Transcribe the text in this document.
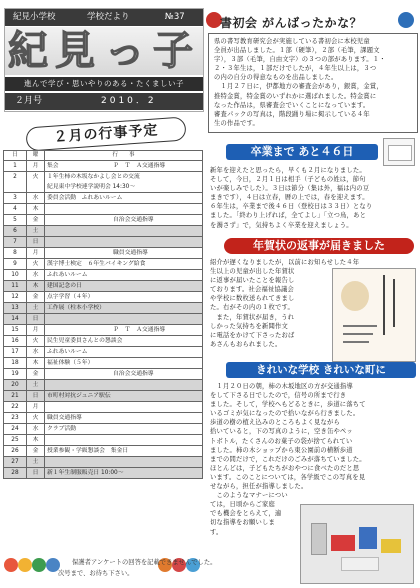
紀見小学校	学校だより	№37
紀 見 っ 子
進んで学び・思いやりのある・たくましい子
２月号	2010．2
２月の行事予定
日	曜	行　　事
1	月	集会 Ｐ　Ｔ　Ａ交通指導

2	火	１年生柿の木坂なかよし会との交流
紀見東中学校連学説明会 14:30～

3	水	委員会活動　ふれあいルーム
4	木	
5	金	自治会交通指導

6	土	
7	日	
8	月	職員交通指導

9	火	漢字博士検定　６年生バイキング給食
10	水	ふれあいルーム
11	木	建国記念の日
12	金	点字学習（４年）
13	土	工作展（柱本小学校）
14	日	
15	月	Ｐ　Ｔ　Ａ交通指導

16	火	民生児童委員さんとの懇談会
17	水	ふれあいルーム
18	木	福祉体験（５年）
19	金	自治会交通指導

20	土	
21	日	市町村対抗ジュニア駅伝
22	月	
23	火	職員交通指導
24	水	クラブ活動
25	木	
26	金	授業参観・学級懇談会　集金日
27	土	
28	日	新１年生制服販売日 10:00～
保護者アンケートの回答を記載できませんでした。
次号まで、お待ち下さい。
書初会 がんばったかな？

県の書写教育研究会が実施している書初会に本校児童
全員が出品しました。１部（硬筆），２部（毛筆，課題文
字），３部（毛筆，自由文字）の３つの部があります。１・
２・３年生は，１部だけでしたが，４年生以上は，３つ
の内の自分の得意なものを出品しました。
　１月２７日に，伊都地方の審査会があり，銀賞，金賞，
推特金賞，特金賞のいずれかに選ばれました。特金賞に
なった作品は，県審査会でいくことになっています。
審査パックの写真は，階段踊り場に掲示している４年
生の作品です。

卒業まで あと４６日

新年を迎えたと思ったら，早くも２月になりました。
そして，今日，２月１日は相手（子どもの姓は，節句
いが楽しみでした）。３日は節分（集は外，福は内の豆
まきです），４日は立春，暦の上では，春を迎えます。
６年生は，卒業まで後４６日（登校日は３３日）となり
ました。「終わり上げれば，全てよし」「立つ鳥，あと
を濁さず」で，気持ちよく卒業を迎えましょう。

年賀状の返事が届きました

紹介が遅くなりましたが，以前にお知らせした４年
生以上の児童が出した年賀状
に返事が届いたことを報告し
ております。社会福祉協議会
や学校に数枚送られてきまし
た。右がその内の１枚です。
　また，年賀状が届き，うれ
しかった気持ちを新聞作文
に電話をかけて下さったおば
あさんもおられました。

きれいな学校 きれいな町に

　１月２０日の朝，柿の木坂地区の方が交通指導
をして下さる日でしたので，信号の所まで行き
ました。そして，学校へもどるときに，歩道に落ちて
いるゴミが気になったので拾いながら行きました。
歩道の樹の植え込みのところもよく見ながら
拾いていると，下の写真のように，空き缶やペッ
トボトル，たくさんのお菓子の袋が捨てられてい
ました。柿の木ショップから東公園前の横断歩道
までの間だけで，これだけのごみが落ちていました。
ほとんどは，子どもたちがおやつに食べたのだと思
います。このことについては，各学級でこの写真を見
せながら，担任が指導しました。
　このようなマナーについ
ては，日頃からご家庭
でも機会をとらえて，適
切な指導をお願いしま
す。
